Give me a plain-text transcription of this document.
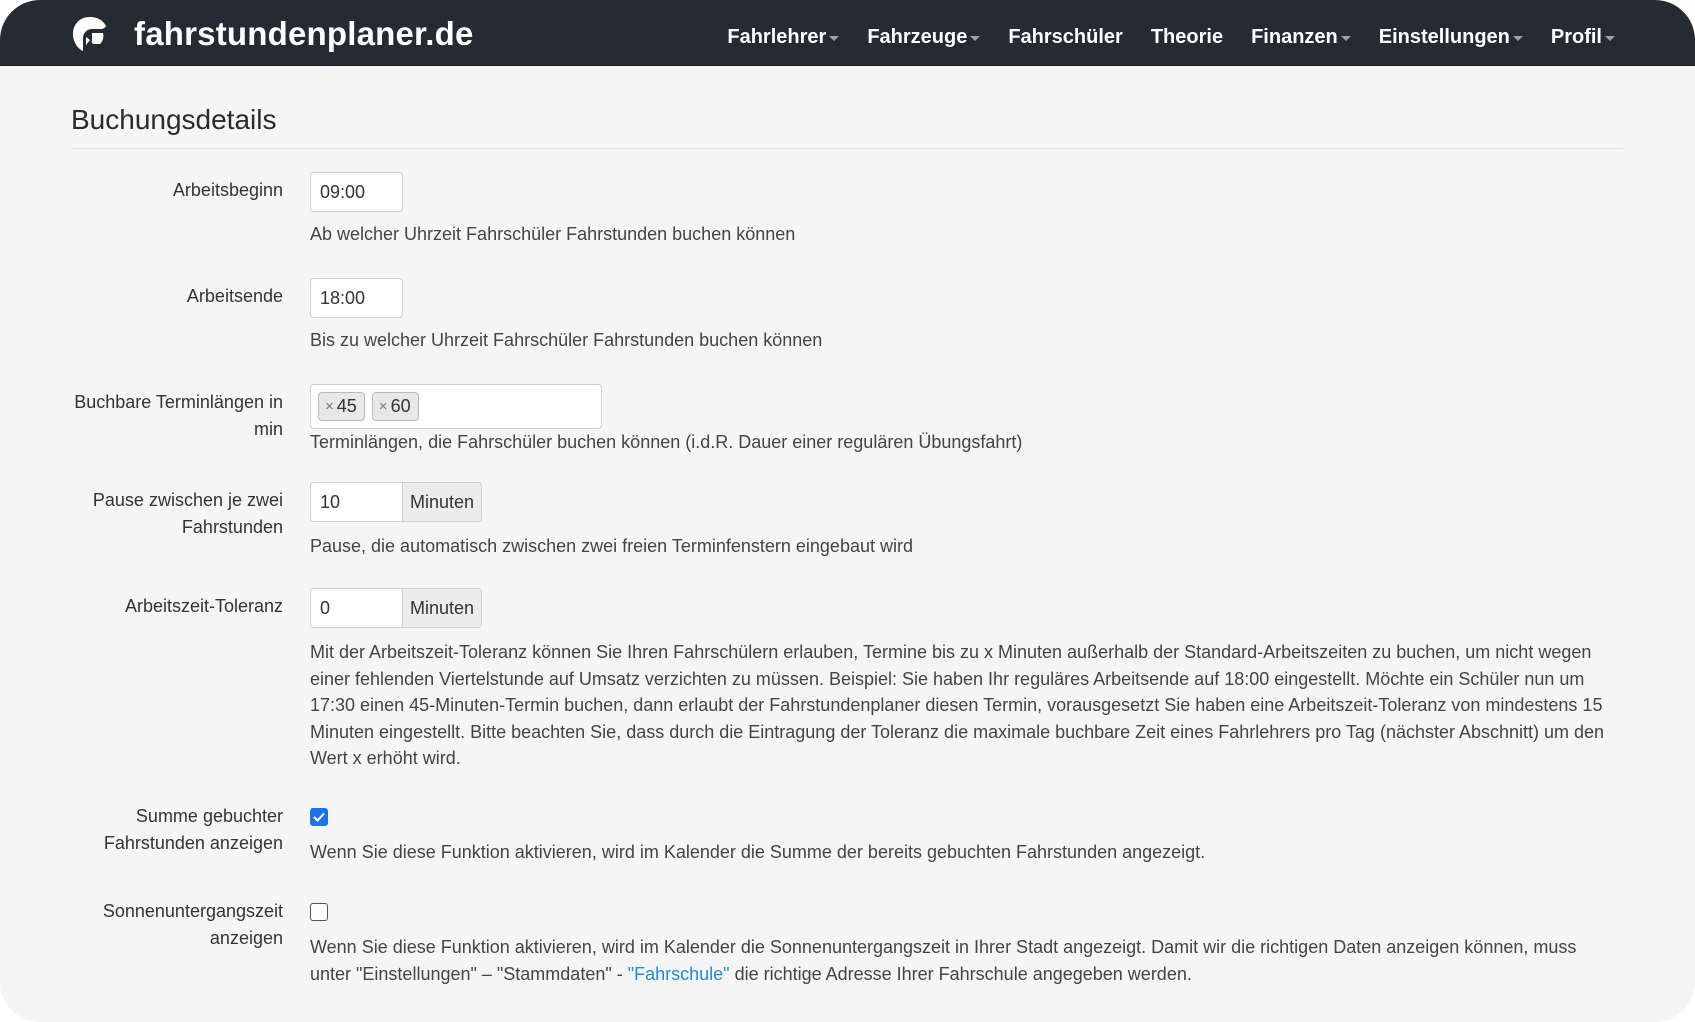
fahrstundenplaner.de	Fahrlehrer Fahrzeuge Fahrschüler Theorie Finanzen Einstellungen Profil
Buchungsdetails
Arbeitsbeginn
09:00
Ab welcher Uhrzeit Fahrschüler Fahrstunden buchen können
Arbeitsende
18:00
Bis zu welcher Uhrzeit Fahrschüler Fahrstunden buchen können
Buchbare Terminlängen in
min
× 45 × 60
Terminlängen, die Fahrschüler buchen können (i.d.R. Dauer einer regulären Übungsfahrt)
Pause zwischen je zwei
Fahrstunden
10
Minuten
Pause, die automatisch zwischen zwei freien Terminfenstern eingebaut wird
Arbeitszeit-Toleranz
0	Minuten
Mit der Arbeitszeit-Toleranz können Sie Ihren Fahrschülern erlauben, Termine bis zu x Minuten außerhalb der Standard-Arbeitszeiten zu buchen, um nicht wegen
einer fehlenden Viertelstunde auf Umsatz verzichten zu müssen. Beispiel: Sie haben Ihr reguläres Arbeitsende auf 18:00 eingestellt. Möchte ein Schüler nun um
17:30 einen 45-Minuten-Termin buchen, dann erlaubt der Fahrstundenplaner diesen Termin, vorausgesetzt Sie haben eine Arbeitszeit-Toleranz von mindestens 15
Minuten eingestellt. Bitte beachten Sie, dass durch die Eintragung der Toleranz die maximale buchbare Zeit eines Fahrlehrers pro Tag (nächster Abschnitt) um den
Wert x erhöht wird.
Summe gebuchter
Fahrstunden anzeigen Wenn Sie diese Funktion aktivieren, wird im Kalender die Summe der bereits gebuchten Fahrstunden angezeigt.
Sonnenuntergangszeit
anzeigen Wenn Sie diese Funktion aktivieren, wird im Kalender die Sonnenuntergangszeit in Ihrer Stadt angezeigt. Damit wir die richtigen Daten anzeigen können, muss
unter "Einstellungen" – "Stammdaten" - "Fahrschule" die richtige Adresse Ihrer Fahrschule angegeben werden.
